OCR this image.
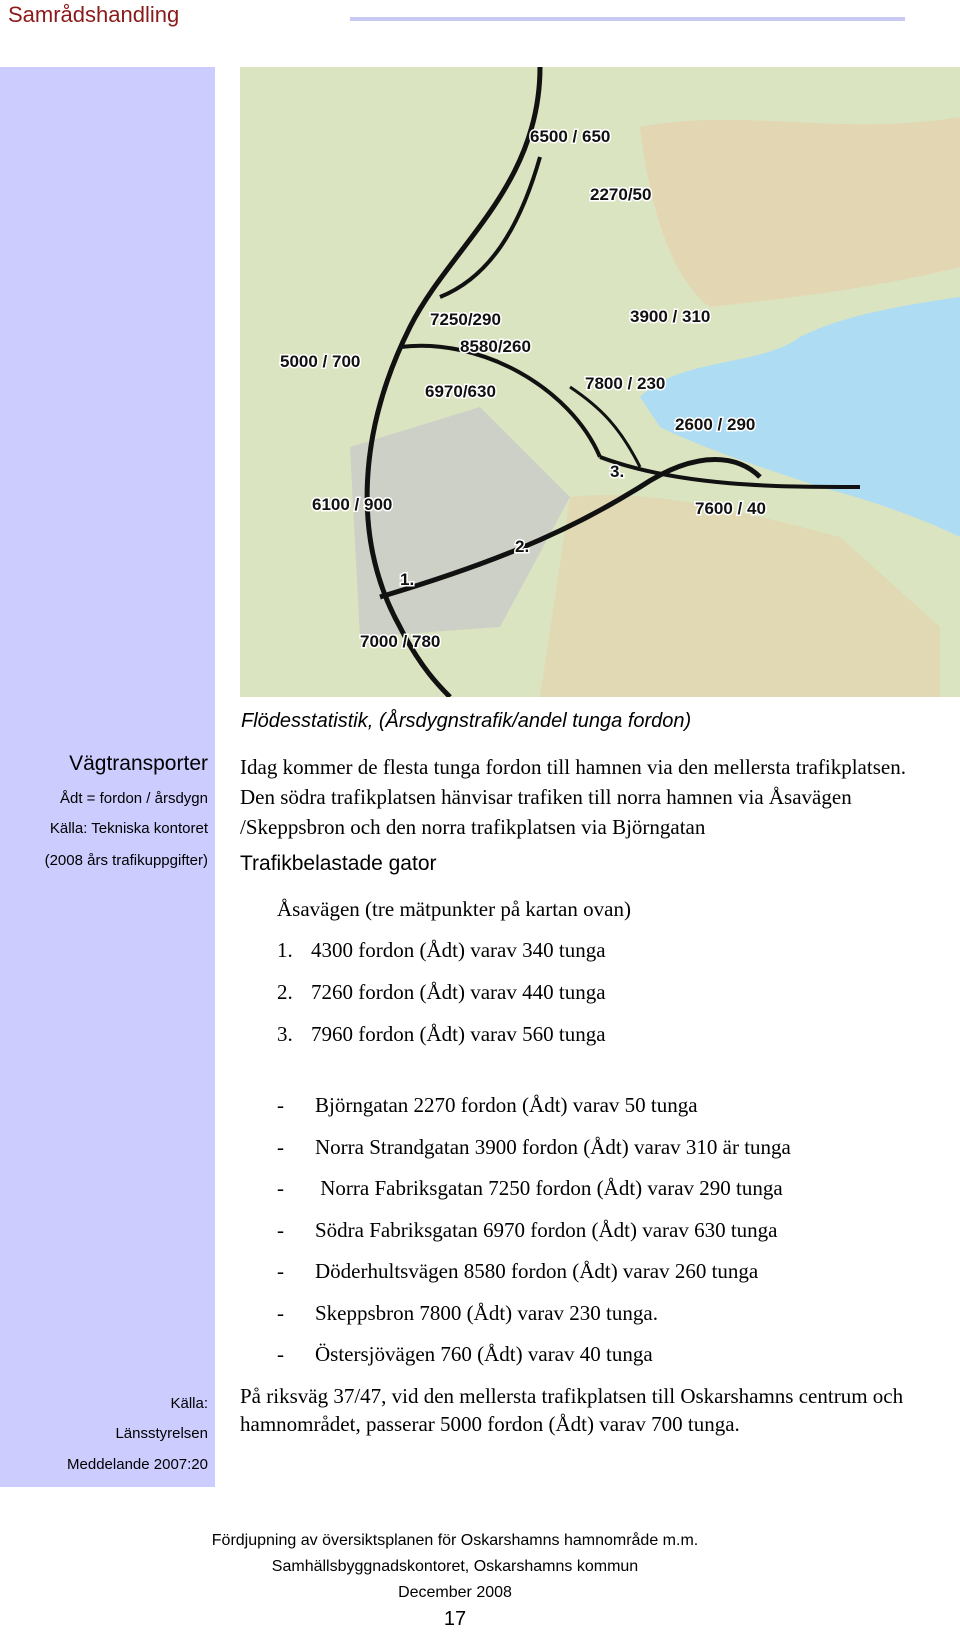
Samrådshandling
Vägtransporter
Ådt = fordon / årsdygn
Källa: Tekniska kontoret
(2008 års trafikuppgifter)
Källa:
Länsstyrelsen
Meddelande 2007:20
6500 / 650
2270/50
7250/290	3900 / 310
8580/260
5000 / 700
6970/630	7800 / 230
2600 / 290
3.
7600 / 40
6100 / 900
2.
1.
7000 / 780
Flödesstatistik, (Årsdygnstrafik/andel tunga fordon)

Idag kommer de flesta tunga fordon till hamnen via den mellersta trafikplatsen. Den södra trafikplatsen hänvisar trafiken till norra hamnen via Åsavägen /Skeppsbron och den norra trafikplatsen via Björngatan

Trafikbelastade gator
Åsavägen (tre mätpunkter på kartan ovan)
1. 4300 fordon (Ådt) varav 340 tunga
2. 7260 fordon (Ådt) varav 440 tunga
3. 7960 fordon (Ådt) varav 560 tunga
- Björngatan 2270 fordon (Ådt) varav 50 tunga
- Norra Strandgatan 3900 fordon (Ådt) varav 310 är tunga
- Norra Fabriksgatan 7250 fordon (Ådt) varav 290 tunga
- Södra Fabriksgatan 6970 fordon (Ådt) varav 630 tunga
- Döderhultsvägen 8580 fordon (Ådt) varav 260 tunga
- Skeppsbron 7800 (Ådt) varav 230 tunga.
- Östersjövägen 760 (Ådt) varav 40 tunga

På riksväg 37/47, vid den mellersta trafikplatsen till Oskarshamns centrum och hamnområdet, passerar 5000 fordon (Ådt) varav 700 tunga.

Fördjupning av översiktsplanen för Oskarshamns hamnområde m.m.
Samhällsbyggnadskontoret, Oskarshamns kommun
December 2008
17
